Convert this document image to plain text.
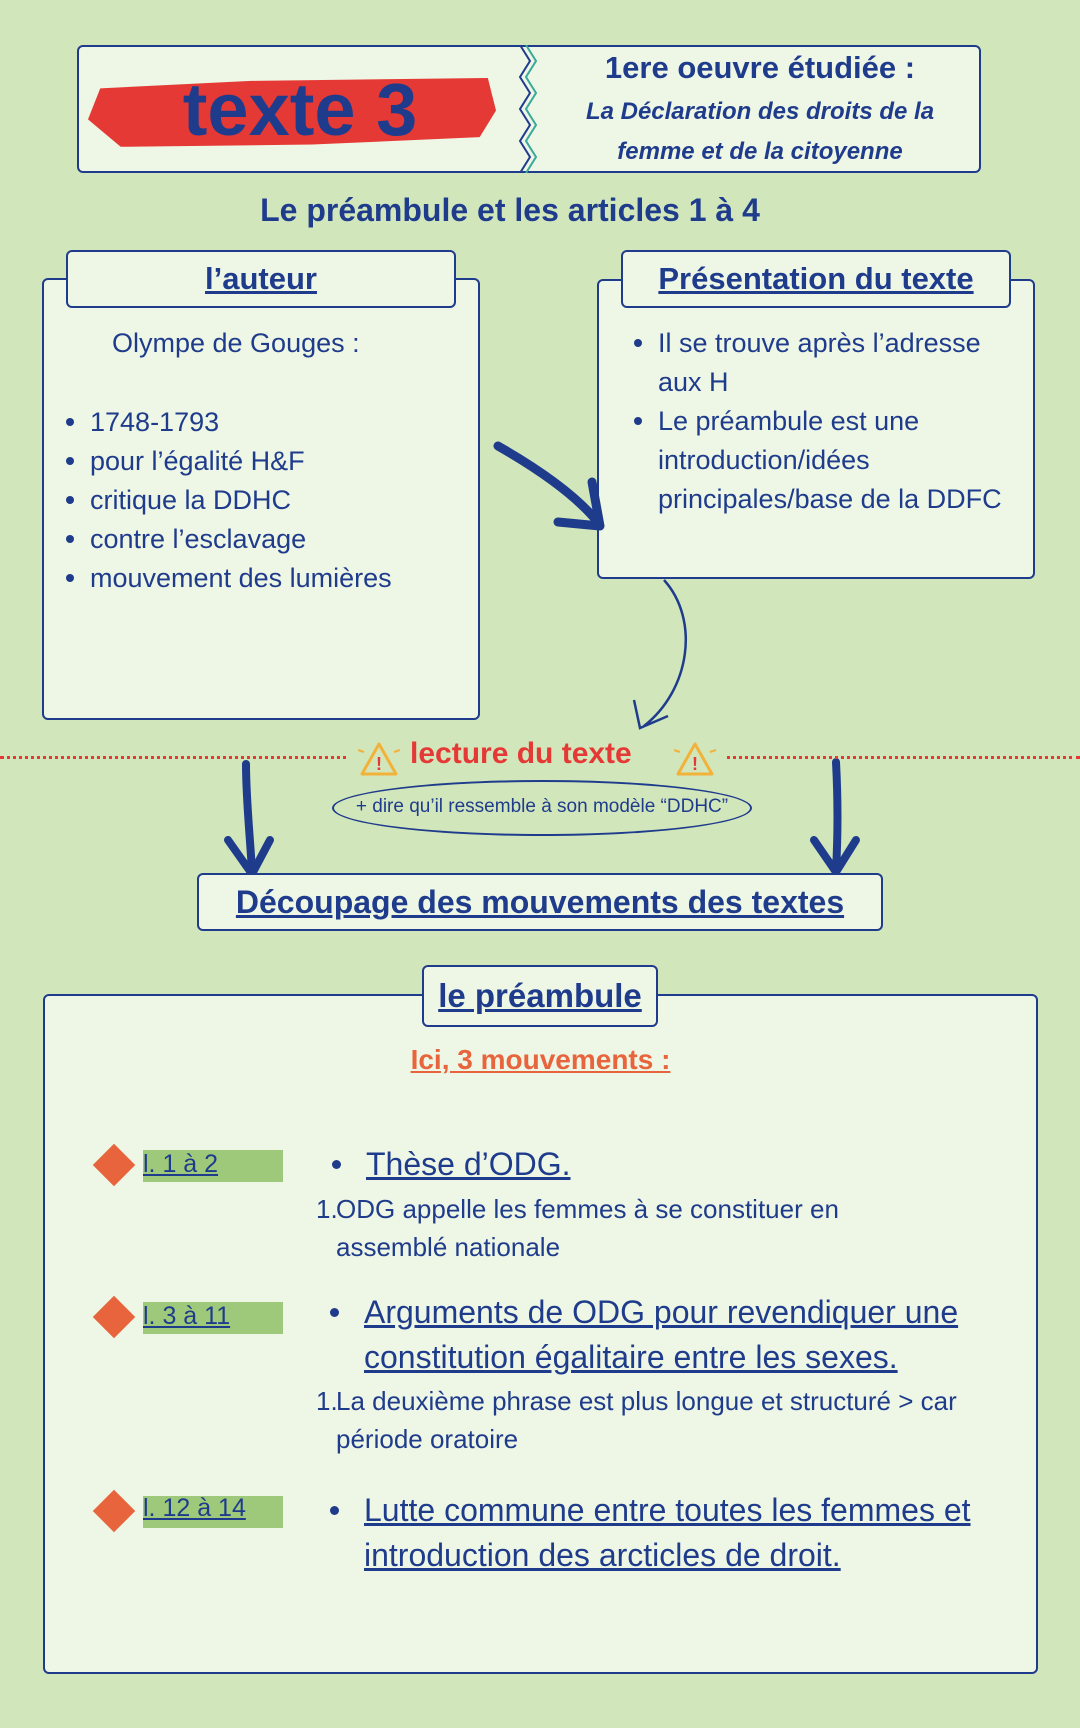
texte 3
1ere oeuvre étudiée :
La Déclaration des droits de la
femme et de la citoyenne
Le préambule et les articles 1 à 4
l’auteur
Olympe de Gouges :
1748-1793
pour l’égalité H&F
critique la DDHC
contre l’esclavage
mouvement des lumières
Présentation du texte
Il se trouve après l’adresse aux H
Le préambule est une introduction/idées principales/base de la DDFC
! lecture du texte	!
+ dire qu’il ressemble à son modèle “DDHC”
Découpage des mouvements des textes
le préambule
Ici, 3 mouvements :
l. 1 à 2	Thèse d’ODG.
1.
ODG appelle les femmes à se constituer en assemblé nationale
l. 3 à 11	Arguments de ODG pour revendiquer une constitution égalitaire entre les sexes.
1.
La deuxième phrase est plus longue et structuré > car période oratoire
l. 12 à 14	Lutte commune entre toutes les femmes et introduction des arcticles de droit.
